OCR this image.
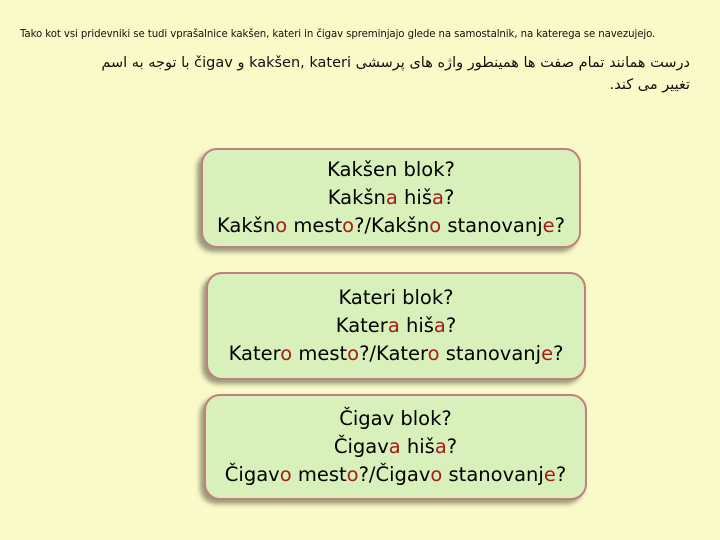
Tako kot vsi pridevniki se tudi vprašalnice kakšen, kateri in čigav spreminjajo glede na samostalnik, na katerega se navezujejo.
درست همانند تمام صفت ها همینطور واژه های پرسشی kakšen, kateri و čigav با توجه به اسم
تغییر می کند.
Kakšen blok?
Kakšna hiša?
Kakšno mesto?/Kakšno stanovanje?
Kateri blok?
Katera hiša?
Katero mesto?/Katero stanovanje?
Čigav blok?
Čigava hiša?
Čigavo mesto?/Čigavo stanovanje?
